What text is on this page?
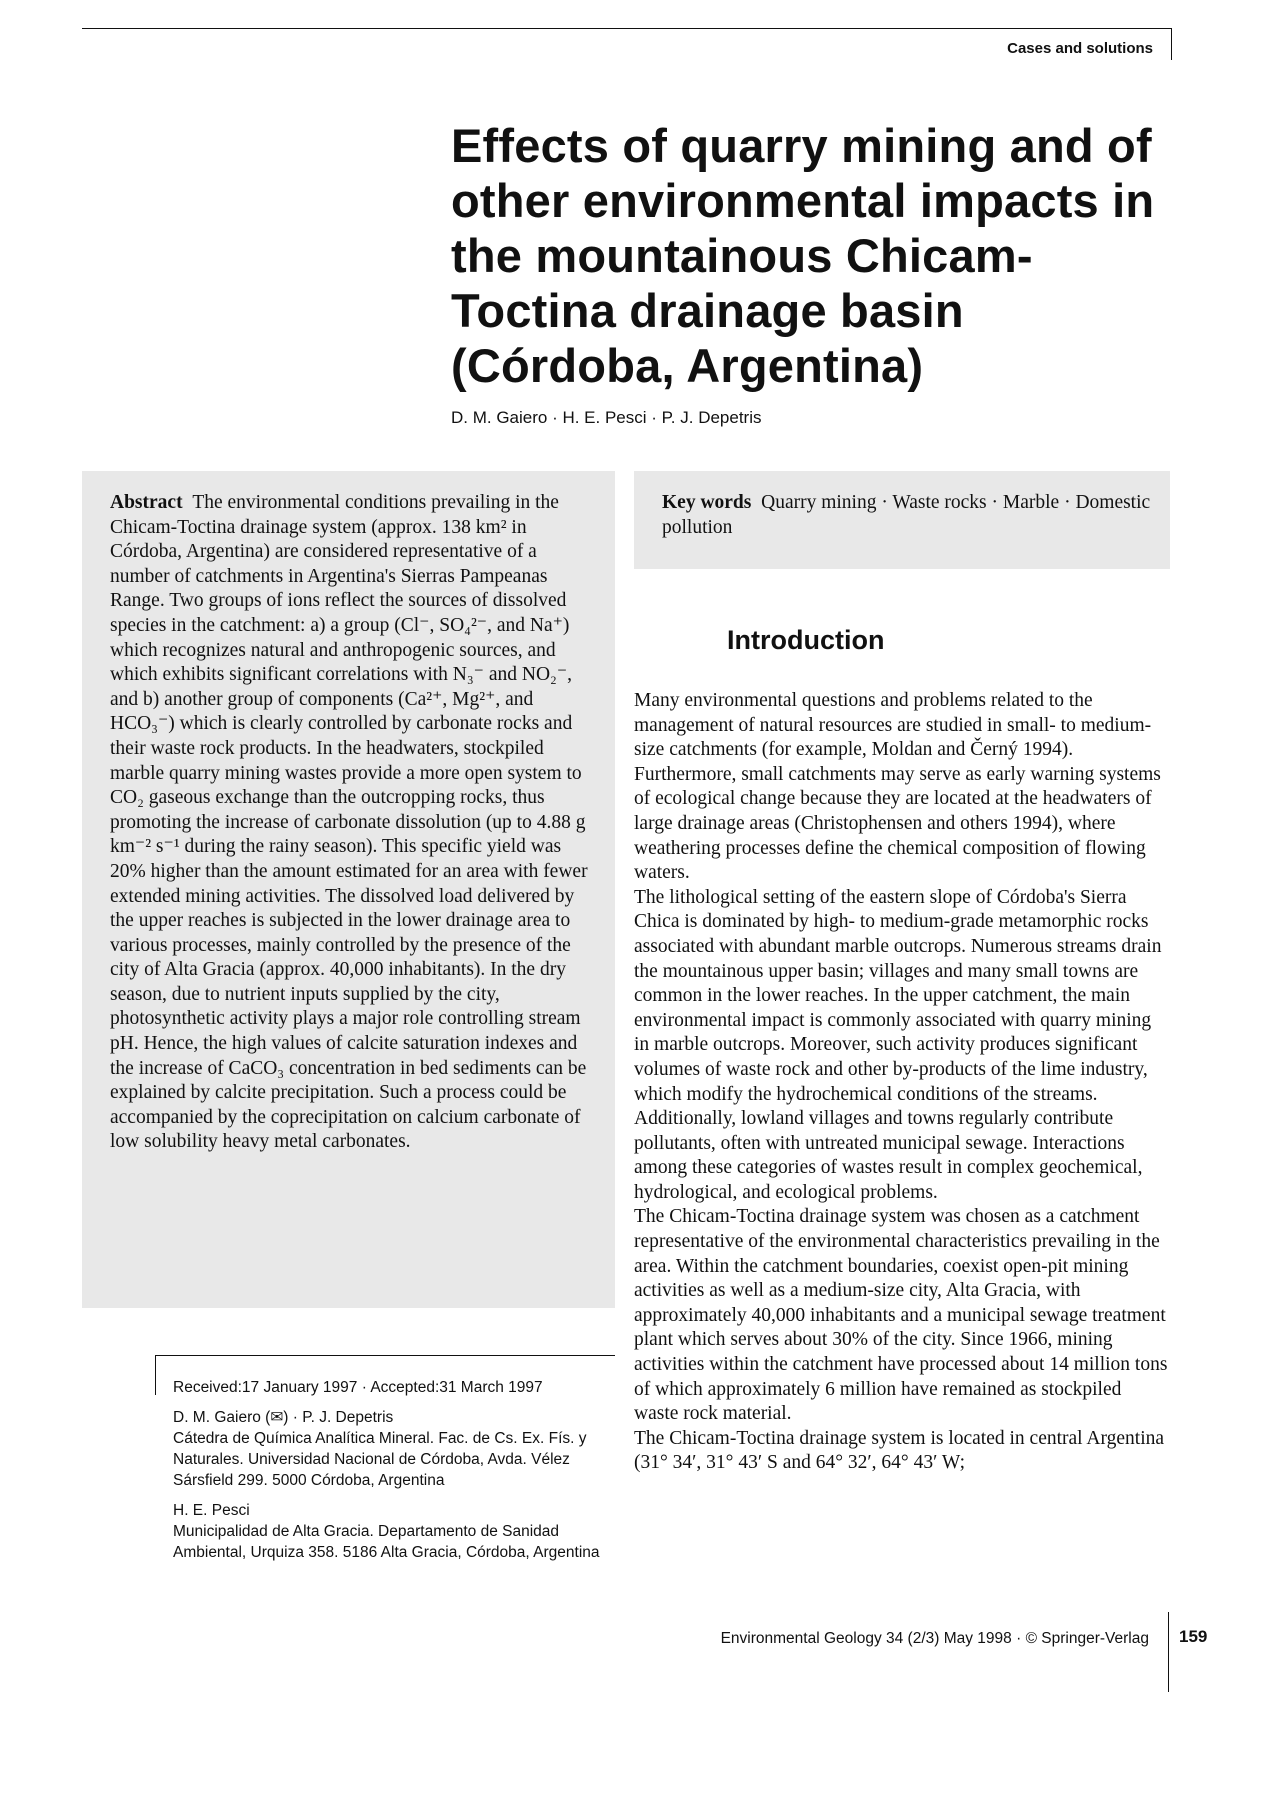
Cases and solutions
Effects of quarry mining and of other environmental impacts in the mountainous Chicam-Toctina drainage basin (Córdoba, Argentina)
D. M. Gaiero · H. E. Pesci · P. J. Depetris

Abstract The environmental conditions prevailing in the Chicam-Toctina drainage system (approx. 138 km² in Córdoba, Argentina) are considered representative of a number of catchments in Argentina's Sierras Pampeanas Range. Two groups of ions reflect the sources of dissolved species in the catchment: a) a group (Cl⁻, SO₄²⁻, and Na⁺) which recognizes natural and anthropogenic sources, and which exhibits significant correlations with N₃⁻ and NO₂⁻, and b) another group of components (Ca²⁺, Mg²⁺, and HCO₃⁻) which is clearly controlled by carbonate rocks and their waste rock products. In the headwaters, stockpiled marble quarry mining wastes provide a more open system to CO₂ gaseous exchange than the outcropping rocks, thus promoting the increase of carbonate dissolution (up to 4.88 g km⁻² s⁻¹ during the rainy season). This specific yield was 20% higher than the amount estimated for an area with fewer extended mining activities. The dissolved load delivered by the upper reaches is subjected in the lower drainage area to various processes, mainly controlled by the presence of the city of Alta Gracia (approx. 40,000 inhabitants). In the dry season, due to nutrient inputs supplied by the city, photosynthetic activity plays a major role controlling stream pH. Hence, the high values of calcite saturation indexes and the increase of CaCO₃ concentration in bed sediments can be explained by calcite precipitation. Such a process could be accompanied by the coprecipitation on calcium carbonate of low solubility heavy metal carbonates.

Key words Quarry mining · Waste rocks · Marble · Domestic pollution

Introduction

Many environmental questions and problems related to the management of natural resources are studied in small- to medium-size catchments (for example, Moldan and Černý 1994). Furthermore, small catchments may serve as early warning systems of ecological change because they are located at the headwaters of large drainage areas (Christophensen and others 1994), where weathering processes define the chemical composition of flowing waters.

The lithological setting of the eastern slope of Córdoba's Sierra Chica is dominated by high- to medium-grade metamorphic rocks associated with abundant marble outcrops. Numerous streams drain the mountainous upper basin; villages and many small towns are common in the lower reaches. In the upper catchment, the main environmental impact is commonly associated with quarry mining in marble outcrops. Moreover, such activity produces significant volumes of waste rock and other by-products of the lime industry, which modify the hydrochemical conditions of the streams. Additionally, lowland villages and towns regularly contribute pollutants, often with untreated municipal sewage. Interactions among these categories of wastes result in complex geochemical, hydrological, and ecological problems.

The Chicam-Toctina drainage system was chosen as a catchment representative of the environmental characteristics prevailing in the area. Within the catchment boundaries, coexist open-pit mining activities as well as a medium-size city, Alta Gracia, with approximately 40,000 inhabitants and a municipal sewage treatment plant which serves about 30% of the city. Since 1966, mining activities within the catchment have processed about 14 million tons of which approximately 6 million have remained as stockpiled waste rock material.

The Chicam-Toctina drainage system is located in central Argentina (31° 34′, 31° 43′ S and 64° 32′, 64° 43′ W;

Received:17 January 1997 · Accepted:31 March 1997

D. M. Gaiero (✉) · P. J. Depetris

Cátedra de Química Analítica Mineral. Fac. de Cs. Ex. Fís. y Naturales. Universidad Nacional de Córdoba, Avda. Vélez Sársfield 299. 5000 Córdoba, Argentina

H. E. Pesci

Municipalidad de Alta Gracia. Departamento de Sanidad Ambiental, Urquiza 358. 5186 Alta Gracia, Córdoba, Argentina

Environmental Geology 34 (2/3) May 1998 · © Springer-Verlag 159
